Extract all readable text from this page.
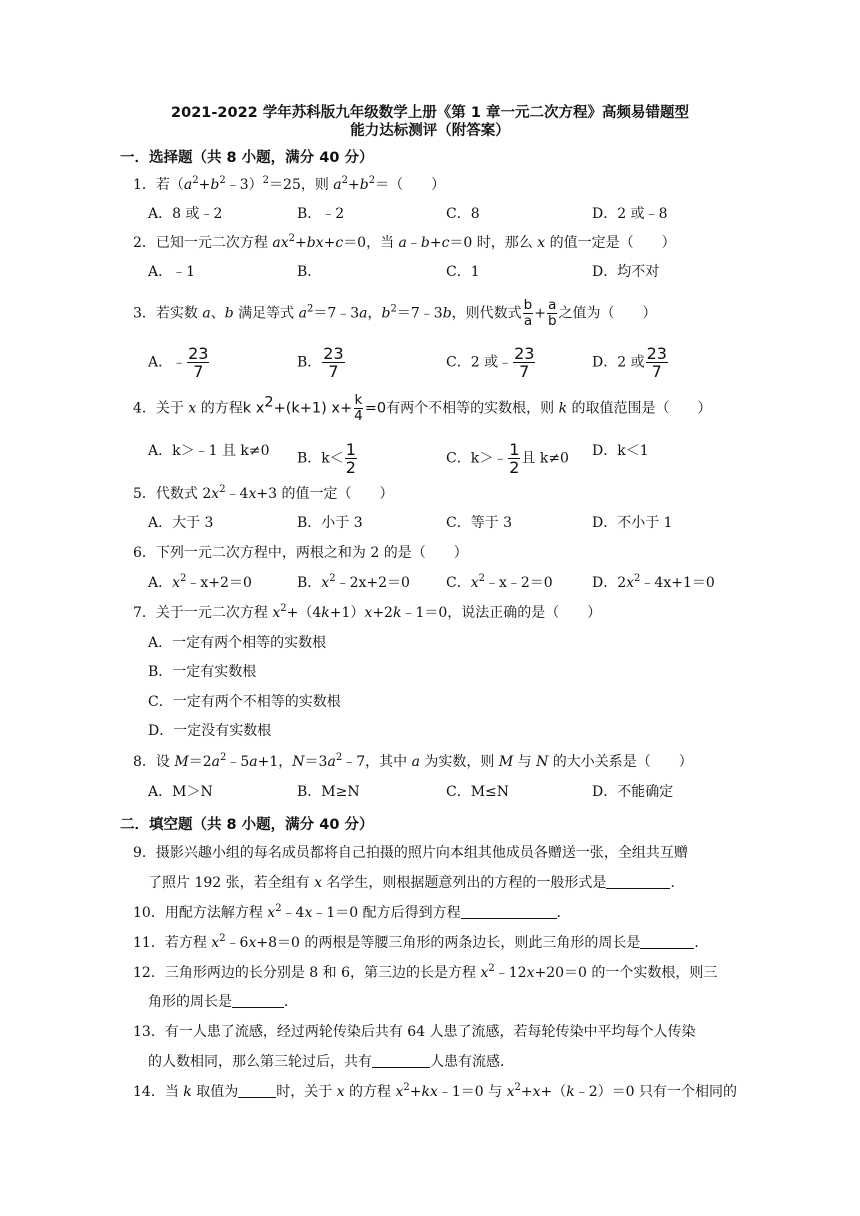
2021-2022 学年苏科版九年级数学上册《第 1 章一元二次方程》高频易错题型
能力达标测评（附答案）
一．选择题（共 8 小题，满分 40 分）
1．若$(a^2+b^2﹣3)^2=25$，则 $a^2+b^2=$（　　）
A．8 或﹣2	B．﹣2	C．8	D．2 或﹣8
2．已知一元二次方程 $ax^2+bx+c=0$，当 a﹣b+c＝0 时，那么 x 的值一定是（　　）
A．﹣1	B．	C．1	D．均不对
3．若实数 a、b 满足等式 $a^2=7﹣3a$，$b^2=7﹣3b$，则代数式 $\frac{b}{a} + \frac{a}{b}$ 之值为（　　）
A．﹣ $\frac{23}{7}$	B． $\frac{23}{7}$	C．2 或﹣ $\frac{23}{7}$	D．2 或 $\frac{23}{7}$
4．关于 x 的方程k $x^2+(k+1)$ $x+ \frac{k}{4} =0$有两个不相等的实数根，则 k 的取值范围是（　　）
A．k＞﹣1 且 k≠0 B．$k< \frac{1}{2}$	C．k＞﹣ $\frac{1}{2}$ 且 k≠0 D．k＜1
5．代数式 $2x^2﹣4x+3$ 的值一定（　　）
A．大于 3	B．小于 3	C．等于 3	D．不小于 1
6．下列一元二次方程中，两根之和为 2 的是（　　）
A．$x^2﹣x+2=0$	B．$x^2﹣2x+2=0$	C．$x^2﹣x﹣2=0$	D．$2x^2﹣4x+1=0$
7．关于一元二次方程 $x^2+(4k+1)x+2k﹣1=0$，说法正确的是（　　）
A．一定有两个相等的实数根
B．一定有实数根
C．一定有两个不相等的实数根
D．一定没有实数根
8．设 $M=2a^2﹣5a+1$，$N=3a^2﹣7$，其中 a 为实数，则 M 与 N 的大小关系是（　　）
A．M＞N	B．M≥N	C．M≤N	D．不能确定
二．填空题（共 8 小题，满分 40 分）
9．摄影兴趣小组的每名成员都将自己拍摄的照片向本组其他成员各赠送一张，全组共互赠
了照片 192 张，若全组有 x 名学生，则根据题意列出的方程的一般形式是	．
10．用配方法解方程 $x^2﹣4x﹣1=0$ 配方后得到方程	．
11．若方程 $x^2﹣6x+8=0$ 的两根是等腰三角形的两条边长，则此三角形的周长是	．
12．三角形两边的长分别是 8 和 6，第三边的长是方程 $x^2﹣12x+20=0$ 的一个实数根，则三
角形的周长是	．
13．有一人患了流感，经过两轮传染后共有 64 人患了流感，若每轮传染中平均每个人传染
的人数相同，那么第三轮过后，共有	人患有流感．
14．当 k 取值为	时，关于 x 的方程 $x^2+kx﹣1=0$ 与 $x^2+x+(k﹣2)=0$ 只有一个相同的
